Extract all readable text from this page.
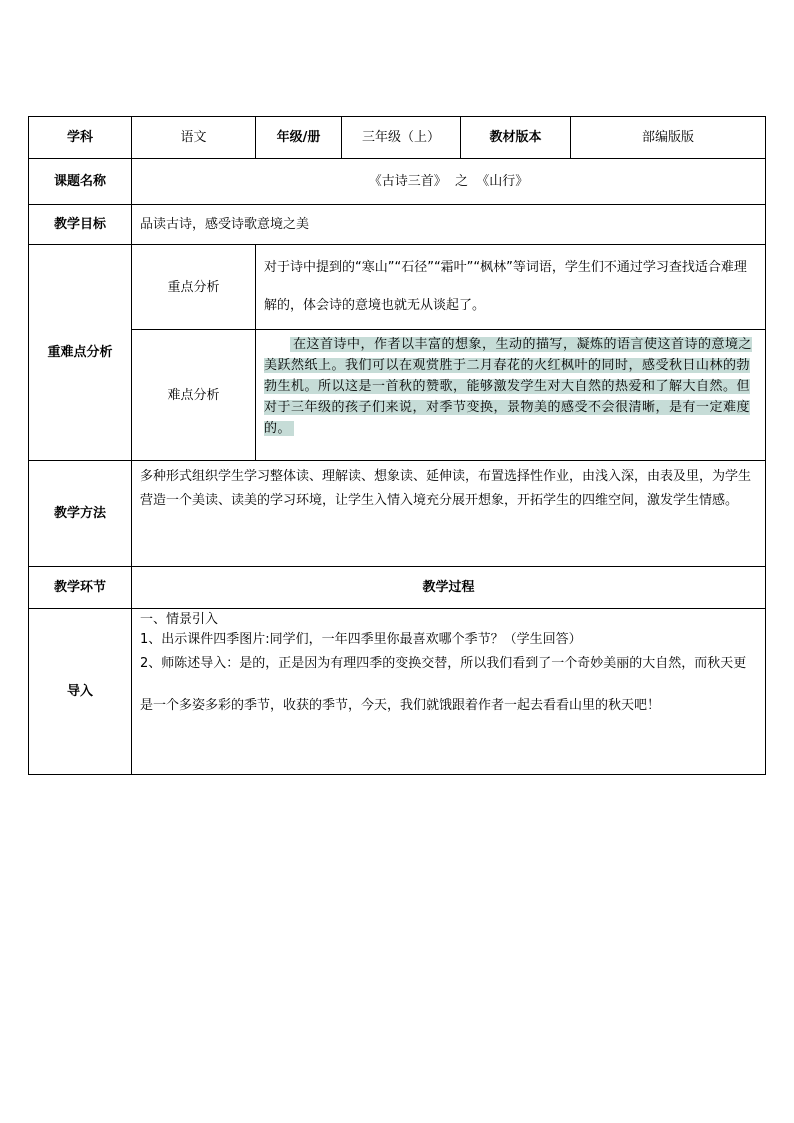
学科	语文	年级/册	三年级（上）	教材版本	部编版版
课题名称	《古诗三首》  之  《山行》				
教学目标	品读古诗，感受诗歌意境之美				
重难点分析	重点分析	对于诗中提到的“寒山”“石径”“霜叶”“枫林”等词语，学生们不通过学习查找适合难理解的，体会诗的意境也就无从谈起了。			
	难点分析	在这首诗中，作者以丰富的想象，生动的描写，凝炼的语言使这首诗的意境之美跃然纸上。我们可以在观赏胜于二月春花的火红枫叶的同时，感受秋日山林的勃勃生机。所以这是一首秋的赞歌，能够激发学生对大自然的热爱和了解大自然。但对于三年级的孩子们来说，对季节变换，景物美的感受不会很清晰，是有一定难度的。			

教学方法	多种形式组织学生学习整体读、理解读、想象读、延伸读，布置选择性作业，由浅入深，由表及里，为学生营造一个美读、读美的学习环境，让学生入情入境充分展开想象，开拓学生的四维空间，激发学生情感。				
教学环节	教学过程				
导入	一、情景引入

1、出示课件四季图片:同学们，一年四季里你最喜欢哪个季节？（学生回答）

2、师陈述导入：是的，正是因为有理四季的变换交替，所以我们看到了一个奇妙美丽的大自然，而秋天更是一个多姿多彩的季节，收获的季节，今天，我们就饿跟着作者一起去看看山里的秋天吧！				
